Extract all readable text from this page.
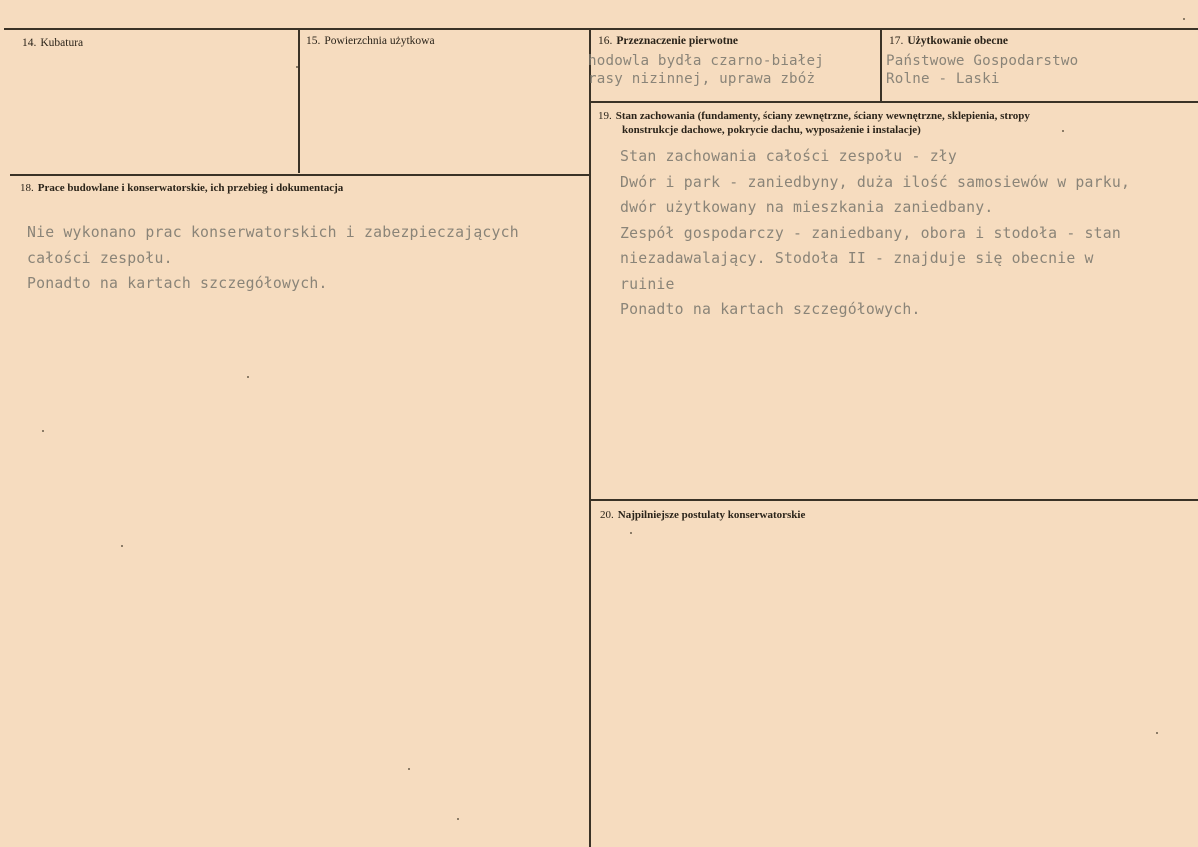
14. Kubatura	15. Powierzchnia użytkowa	16. Przeznaczenie pierwotne
hodowla bydła czarno-białej
rasy nizinnej, uprawa zbóż
17. Użytkowanie obecne
Państwowe Gospodarstwo
Rolne - Laski
18. Prace budowlane i konserwatorskie, ich przebieg i dokumentacja
Nie wykonano prac konserwatorskich i zabezpieczających
całości zespołu.
Ponadto na kartach szczegółowych.
19. Stan zachowania (fundamenty, ściany zewnętrzne, ściany wewnętrzne, sklepienia, stropy
konstrukcje dachowe, pokrycie dachu, wyposażenie i instalacje)
Stan zachowania całości zespołu - zły
Dwór i park - zaniedbyny, duża ilość samosiewów w parku,
dwór użytkowany na mieszkania zaniedbany.
Zespół gospodarczy - zaniedbany, obora i stodoła - stan
niezadawalający. Stodoła II - znajduje się obecnie w
ruinie
Ponadto na kartach szczegółowych.
20. Najpilniejsze postulaty konserwatorskie
